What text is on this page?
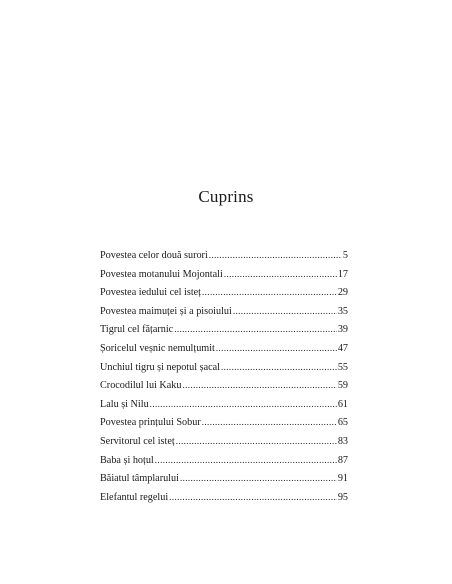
Cuprins
Povestea celor două surori .....	5
Povestea motanului Mojontali .....	17
Povestea iedului cel isteț .....	29
Povestea maimuței și a pisoiului .....	35
Tigrul cel fățarnic .....	39
Șoricelul veșnic nemulțumit .....	47
Unchiul tigru și nepotul șacal .....	55
Crocodilul lui Kaku .....	59
Lalu și Nilu .....	61
Povestea prințului Sobur .....	65
Servitorul cel isteț .....	83
Baba și hoțul .....	87
Băiatul tâmplarului .....	91
Elefantul regelui .....	95
